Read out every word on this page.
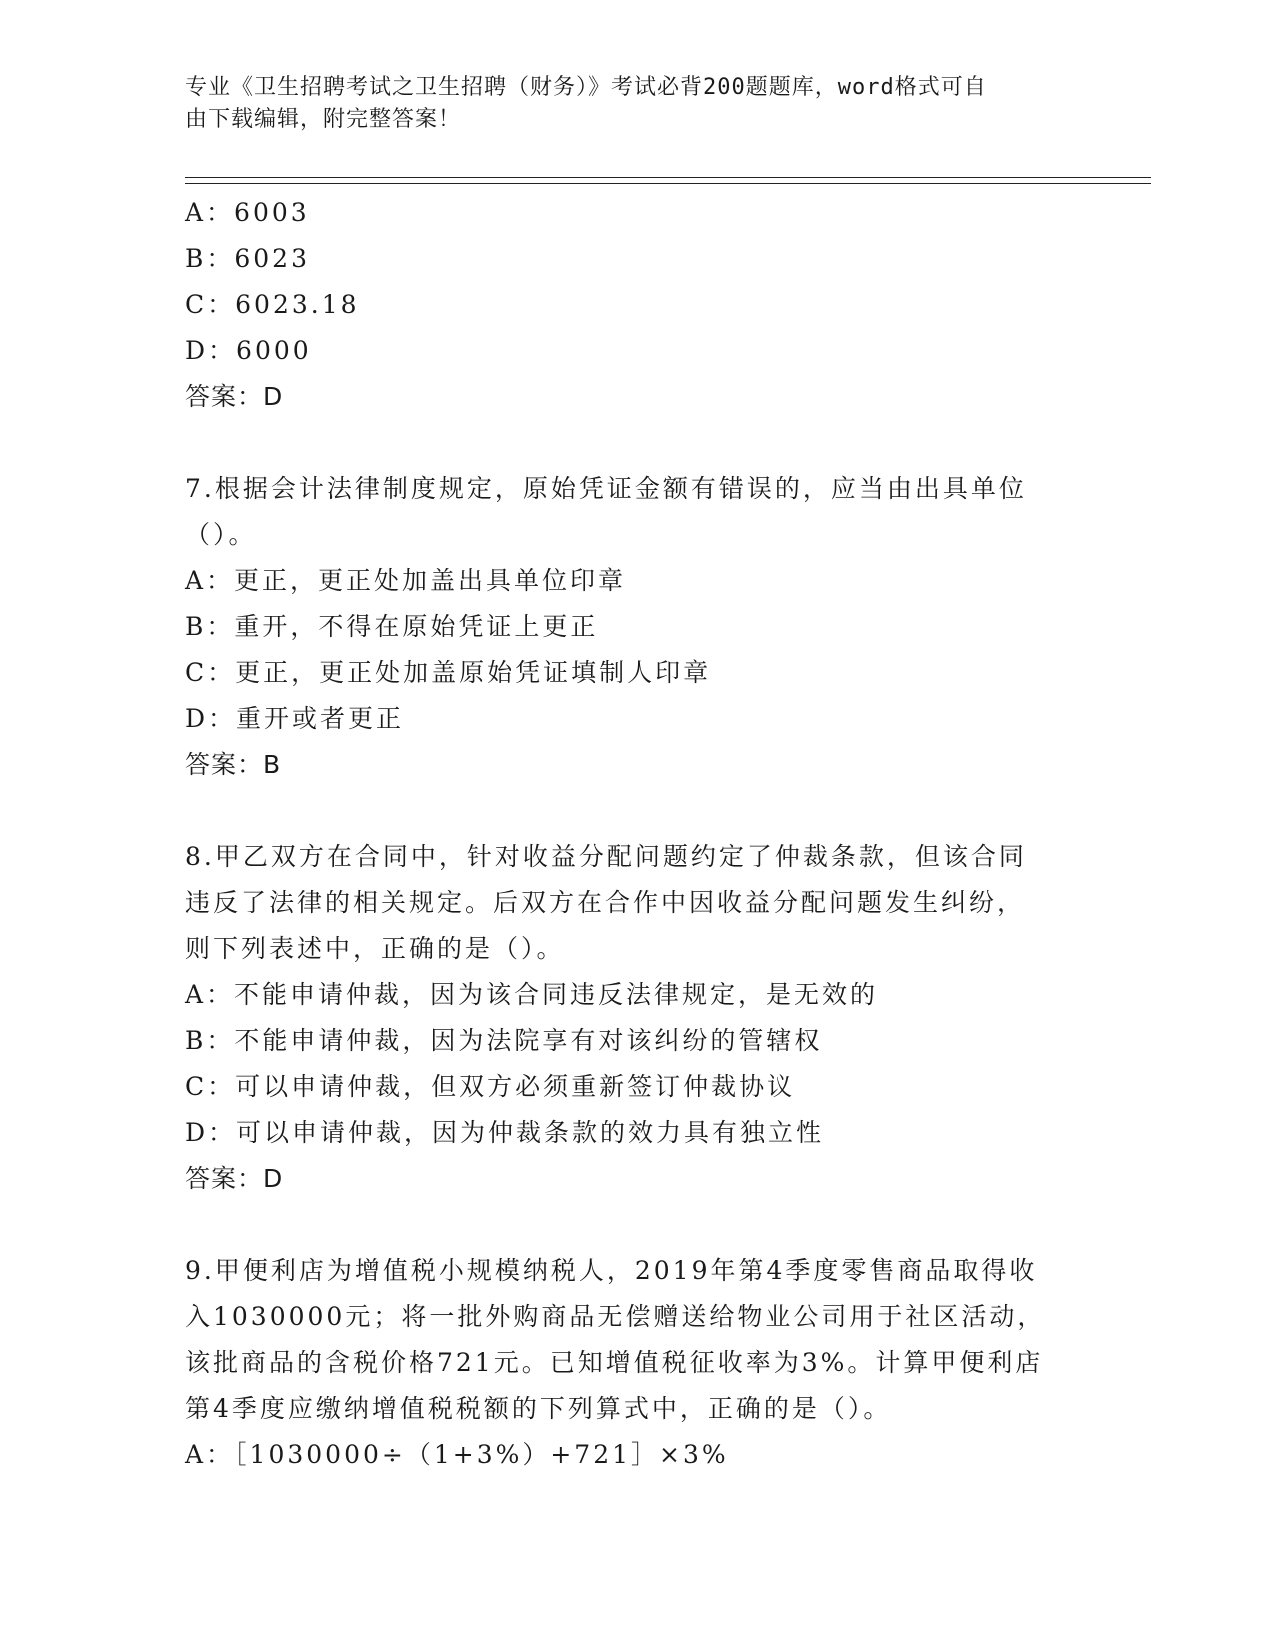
专业《卫生招聘考试之卫生招聘（财务）》考试必背200题题库，word格式可自
由下载编辑，附完整答案！
A：6003
B：6023
C：6023.18
D：6000
答案：D
7.根据会计法律制度规定，原始凭证金额有错误的，应当由出具单位
（）。
A：更正，更正处加盖出具单位印章
B：重开，不得在原始凭证上更正
C：更正，更正处加盖原始凭证填制人印章
D：重开或者更正
答案：B
8.甲乙双方在合同中，针对收益分配问题约定了仲裁条款，但该合同
违反了法律的相关规定。后双方在合作中因收益分配问题发生纠纷，
则下列表述中，正确的是（）。
A：不能申请仲裁，因为该合同违反法律规定，是无效的
B：不能申请仲裁，因为法院享有对该纠纷的管辖权
C：可以申请仲裁，但双方必须重新签订仲裁协议
D：可以申请仲裁，因为仲裁条款的效力具有独立性
答案：D
9.甲便利店为增值税小规模纳税人，2019年第4季度零售商品取得收
入1030000元；将一批外购商品无偿赠送给物业公司用于社区活动，
该批商品的含税价格721元。已知增值税征收率为3%。计算甲便利店
第4季度应缴纳增值税税额的下列算式中，正确的是（）。
A：［1030000÷（1+3%）+721］×3%
